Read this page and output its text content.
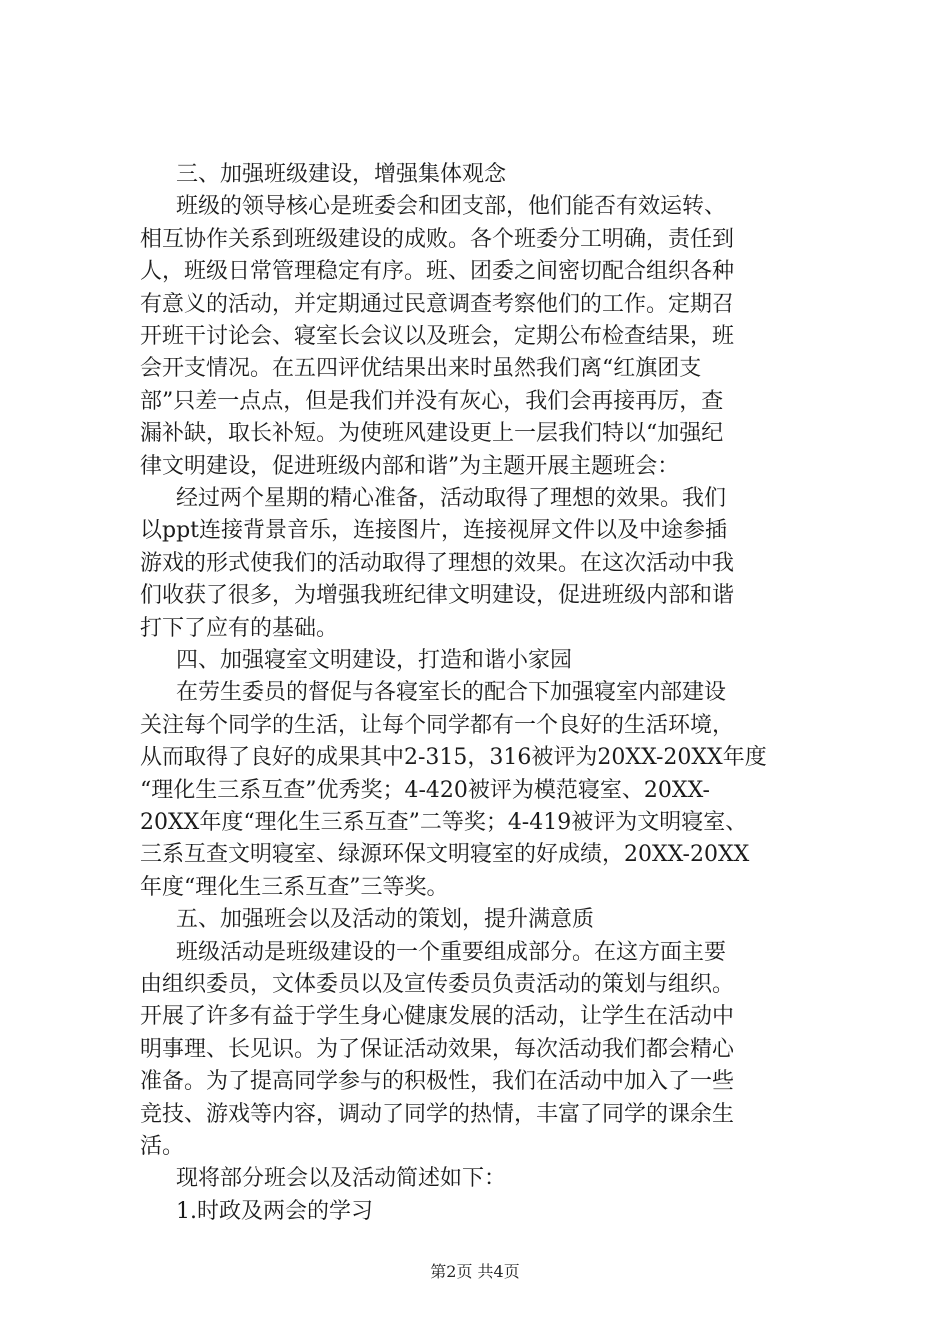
三、加强班级建设，增强集体观念
班级的领导核心是班委会和团支部，他们能否有效运转、
相互协作关系到班级建设的成败。各个班委分工明确，责任到
人，班级日常管理稳定有序。班、团委之间密切配合组织各种
有意义的活动，并定期通过民意调查考察他们的工作。定期召
开班干讨论会、寝室长会议以及班会，定期公布检查结果，班
会开支情况。在五四评优结果出来时虽然我们离“红旗团支
部”只差一点点，但是我们并没有灰心，我们会再接再厉，查
漏补缺，取长补短。为使班风建设更上一层我们特以“加强纪
律文明建设，促进班级内部和谐”为主题开展主题班会：
经过两个星期的精心准备，活动取得了理想的效果。我们
以ppt连接背景音乐，连接图片，连接视屏文件以及中途参插
游戏的形式使我们的活动取得了理想的效果。在这次活动中我
们收获了很多，为增强我班纪律文明建设，促进班级内部和谐
打下了应有的基础。
四、加强寝室文明建设，打造和谐小家园
在劳生委员的督促与各寝室长的配合下加强寝室内部建设
关注每个同学的生活，让每个同学都有一个良好的生活环境，
从而取得了良好的成果其中2-315，316被评为20XX-20XX年度
“理化生三系互查”优秀奖；4-420被评为模范寝室、20XX-
20XX年度“理化生三系互查”二等奖；4-419被评为文明寝室、
三系互查文明寝室、绿源环保文明寝室的好成绩，20XX-20XX
年度“理化生三系互查”三等奖。
五、加强班会以及活动的策划，提升满意质
班级活动是班级建设的一个重要组成部分。在这方面主要
由组织委员，文体委员以及宣传委员负责活动的策划与组织。
开展了许多有益于学生身心健康发展的活动，让学生在活动中
明事理、长见识。为了保证活动效果，每次活动我们都会精心
准备。为了提高同学参与的积极性，我们在活动中加入了一些
竞技、游戏等内容，调动了同学的热情，丰富了同学的课余生
活。
现将部分班会以及活动简述如下：
1.时政及两会的学习
第2页 共4页
